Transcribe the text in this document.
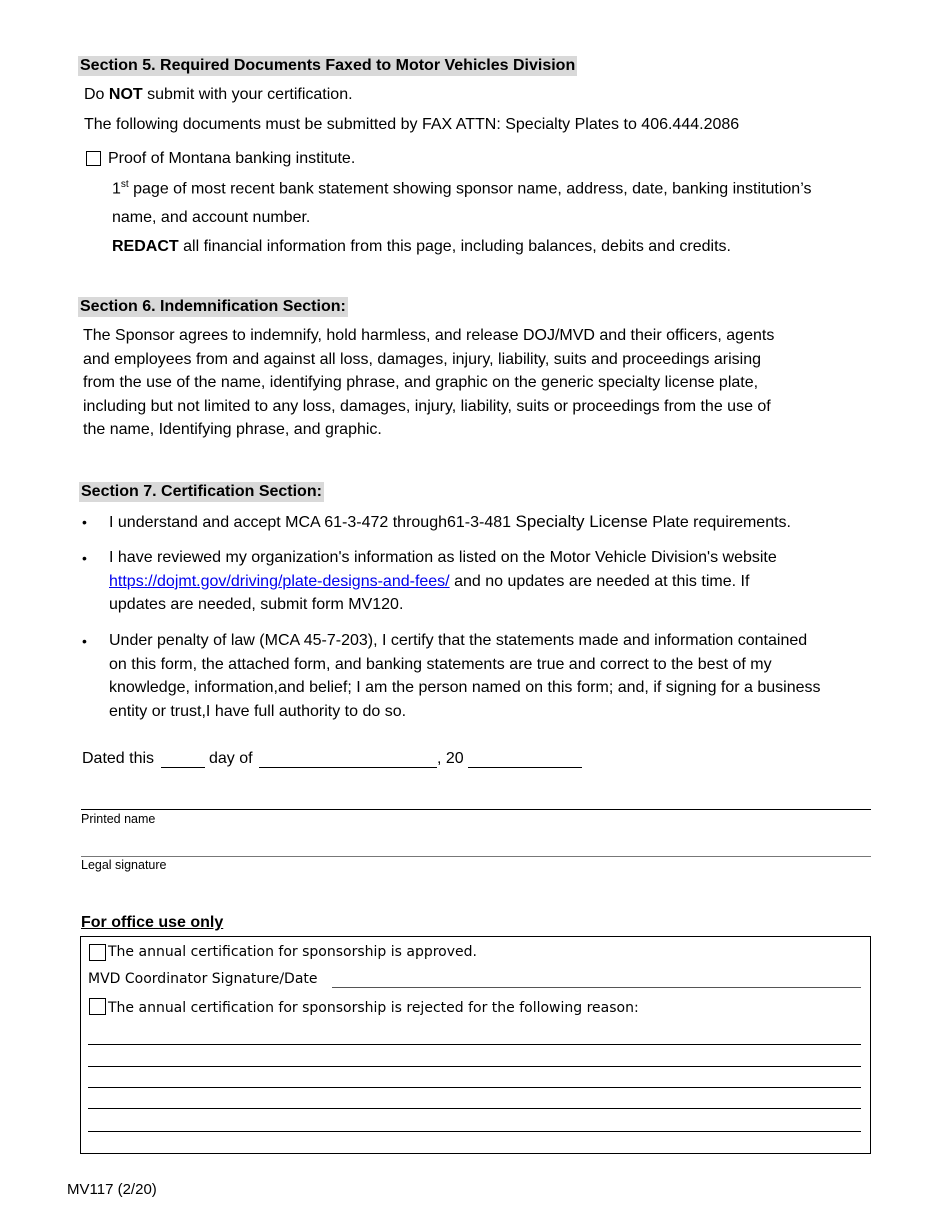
Section 5. Required Documents Faxed to Motor Vehicles Division
Do NOT submit with your certification.
The following documents must be submitted by FAX ATTN: Specialty Plates to 406.444.2086
Proof of Montana banking institute.
1st page of most recent bank statement showing sponsor name, address, date, banking institution’s
name, and account number.
REDACT all financial information from this page, including balances, debits and credits.
Section 6. Indemnification Section:
The Sponsor agrees to indemnify, hold harmless, and release DOJ/MVD and their officers, agents
and employees from and against all loss, damages, injury, liability, suits and proceedings arising
from the use of the name, identifying phrase, and graphic on the generic specialty license plate,
including but not limited to any loss, damages, injury, liability, suits or proceedings from the use of
the name, Identifying phrase, and graphic.
Section 7. Certification Section:
• I understand and accept MCA 61-3-472 through61-3-481 Specialty License Plate requirements.
• I have reviewed my organization's information as listed on the Motor Vehicle Division's website
https://dojmt.gov/driving/plate-designs-and-fees/ and no updates are needed at this time. If
updates are needed, submit form MV120.
• Under penalty of law (MCA 45-7-203), I certify that the statements made and information contained
on this form, the attached form, and banking statements are true and correct to the best of my
knowledge, information,and belief; I am the person named on this form; and, if signing for a business
entity or trust,I have full authority to do so.
Dated this	day of	, 20
Printed name
Legal signature
For office use only
The annual certification for sponsorship is approved.
MVD Coordinator Signature/Date
The annual certification for sponsorship is rejected for the following reason:
MV117 (2/20)
